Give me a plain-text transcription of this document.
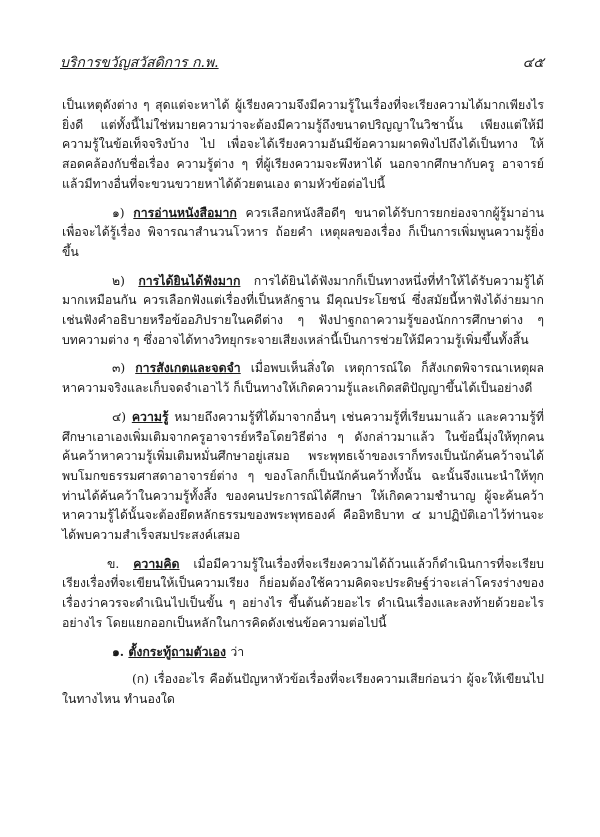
บริการขวัญสวัสดิการ ก.พ.	๔๕

เป็นเหตุดังต่าง ๆ สุดแต่จะหาได้ ผู้เรียงความจึงมีความรู้ในเรื่องที่จะเรียงความได้มากเพียงไร ยิ่งดี แต่ทั้งนี้ไม่ใช่หมายความว่าจะต้องมีความรู้ถึงขนาดปริญญาในวิชานั้น เพียงแต่ให้มีความรู้ในข้อเท็จจริงบ้าง ไป เพื่อจะได้เรียงความอันมีข้อความผาดพิงไปถึงได้เป็นทาง ให้สอดคล้องกับชื่อเรื่อง ความรู้ต่าง ๆ ที่ผู้เรียงความจะพึงหาได้ นอกจากศึกษากับครู อาจารย์แล้วมีทางอื่นที่จะขวนขวายหาได้ด้วยตนเอง ตามหัวข้อต่อไปนี้

๑) การอ่านหนังสือมาก ควรเลือกหนังสือดีๆ ขนาดได้รับการยกย่องจากผู้รู้มาอ่าน เพื่อจะได้รู้เรื่อง พิจารณาสำนวนโวหาร ถ้อยคำ เหตุผลของเรื่อง ก็เป็นการเพิ่มพูนความรู้ยิ่งขึ้น

๒) การได้ยินได้ฟังมาก การได้ยินได้ฟังมากก็เป็นทางหนึ่งที่ทำให้ได้รับความรู้ได้มากเหมือนกัน ควรเลือกฟังแต่เรื่องที่เป็นหลักฐาน มีคุณประโยชน์ ซึ่งสมัยนี้หาฟังได้ง่ายมาก เช่นฟังคำอธิบายหรือข้ออภิปรายในคดีต่าง ๆ ฟังปาฐกถาความรู้ของนักการศึกษาต่าง ๆ บทความต่าง ๆ ซึ่งอาจได้ทางวิทยุกระจายเสียงเหล่านี้เป็นการช่วยให้มีความรู้เพิ่มขึ้นทั้งสิ้น

๓) การสังเกตและจดจำ เมื่อพบเห็นสิ่งใด เหตุการณ์ใด ก็สังเกตพิจารณาเหตุผลหาความจริงและเก็บจดจำเอาไว้ ก็เป็นทางให้เกิดความรู้และเกิดสติปัญญาขึ้นได้เป็นอย่างดี

๔) ความรู้ หมายถึงความรู้ที่ได้มาจากอื่นๆ เช่นความรู้ที่เรียนมาแล้ว และความรู้ที่ศึกษาเอาเองเพิ่มเติมจากครูอาจารย์หรือโดยวิธีต่าง ๆ ดังกล่าวมาแล้ว ในข้อนี้มุ่งให้ทุกคนค้นคว้าหาความรู้เพิ่มเติมหมั่นศึกษาอยู่เสมอ พระพุทธเจ้าของเราก็ทรงเป็นนักค้นคว้าจนได้พบโมกขธรรมศาสดาอาจารย์ต่าง ๆ ของโลกก็เป็นนักค้นคว้าทั้งนั้น ฉะนั้นจึงแนะนำให้ทุกท่านได้ค้นคว้าในความรู้ทั้งสิ้ง ของคนประการณ์ได้ศึกษา ให้เกิดความชำนาญ ผู้จะค้นคว้าหาความรู้ได้นั้นจะต้องยึดหลักธรรมของพระพุทธองค์ คืออิทธิบาท ๔ มาปฏิบัติเอาไว้ท่านจะได้พบความสำเร็จสมประสงค์เสมอ

ข. ความคิด เมื่อมีความรู้ในเรื่องที่จะเรียงความได้ถ้วนแล้วก็ดำเนินการที่จะเรียบเรียงเรื่องที่จะเขียนให้เป็นความเรียง ก็ย่อมต้องใช้ความคิดจะประดิษฐ์ว่าจะเล่าโครงร่างของเรื่องว่าควรจะดำเนินไปเป็นขั้น ๆ อย่างไร ขึ้นต้นด้วยอะไร ดำเนินเรื่องและลงท้ายด้วยอะไร อย่างไร โดยแยกออกเป็นหลักในการคิดดังเช่นข้อความต่อไปนี้

๑. ตั้งกระทู้ถามตัวเอง ว่า

(ก) เรื่องอะไร คือต้นปัญหาหัวข้อเรื่องที่จะเรียงความเสียก่อนว่า ผู้จะให้เขียนไปในทางไหน ทำนองใด
